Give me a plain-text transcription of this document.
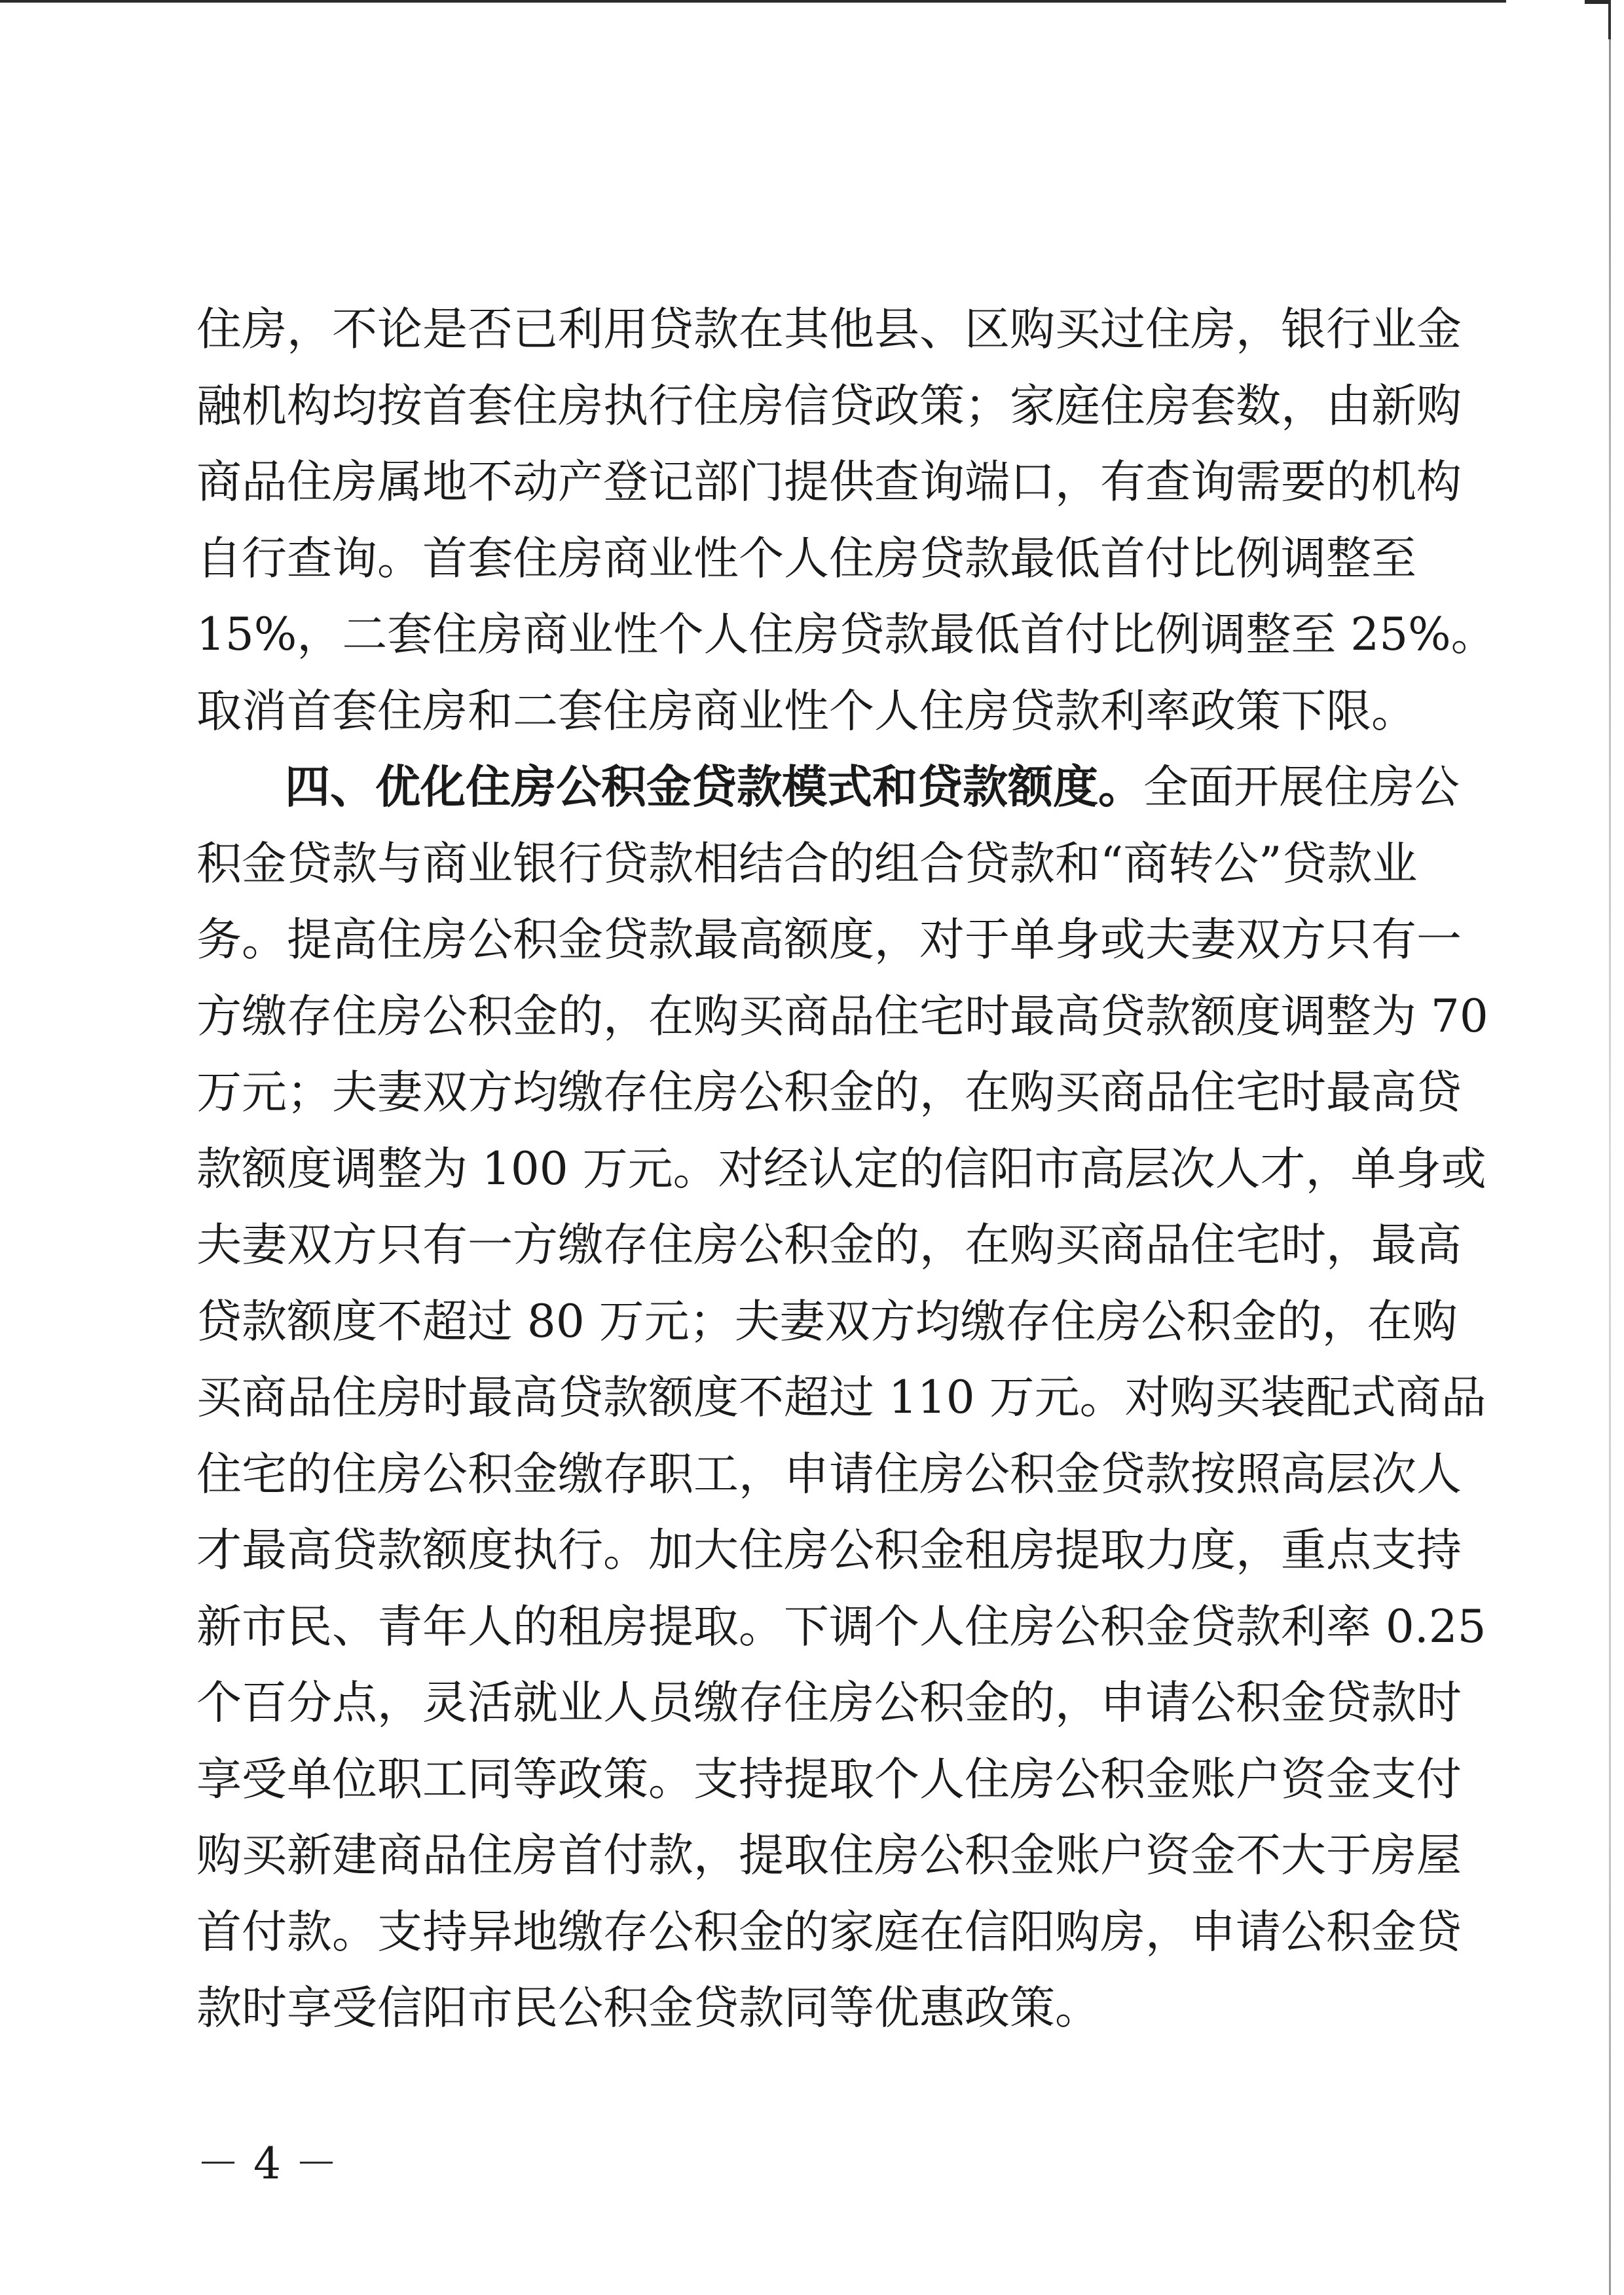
住房，不论是否已利用贷款在其他县、区购买过住房，银行业金
融机构均按首套住房执行住房信贷政策；家庭住房套数，由新购
商品住房属地不动产登记部门提供查询端口，有查询需要的机构
自行查询。首套住房商业性个人住房贷款最低首付比例调整至
15%，二套住房商业性个人住房贷款最低首付比例调整至 25%。
取消首套住房和二套住房商业性个人住房贷款利率政策下限。
四、优化住房公积金贷款模式和贷款额度。全面开展住房公
积金贷款与商业银行贷款相结合的组合贷款和“商转公”贷款业
务。提高住房公积金贷款最高额度，对于单身或夫妻双方只有一
方缴存住房公积金的，在购买商品住宅时最高贷款额度调整为 70
万元；夫妻双方均缴存住房公积金的，在购买商品住宅时最高贷
款额度调整为 100 万元。对经认定的信阳市高层次人才，单身或
夫妻双方只有一方缴存住房公积金的，在购买商品住宅时，最高
贷款额度不超过 80 万元；夫妻双方均缴存住房公积金的，在购
买商品住房时最高贷款额度不超过 110 万元。对购买装配式商品
住宅的住房公积金缴存职工，申请住房公积金贷款按照高层次人
才最高贷款额度执行。加大住房公积金租房提取力度，重点支持
新市民、青年人的租房提取。下调个人住房公积金贷款利率 0.25
个百分点，灵活就业人员缴存住房公积金的，申请公积金贷款时
享受单位职工同等政策。支持提取个人住房公积金账户资金支付
购买新建商品住房首付款，提取住房公积金账户资金不大于房屋
首付款。支持异地缴存公积金的家庭在信阳购房，申请公积金贷
款时享受信阳市民公积金贷款同等优惠政策。
－ 4 －
